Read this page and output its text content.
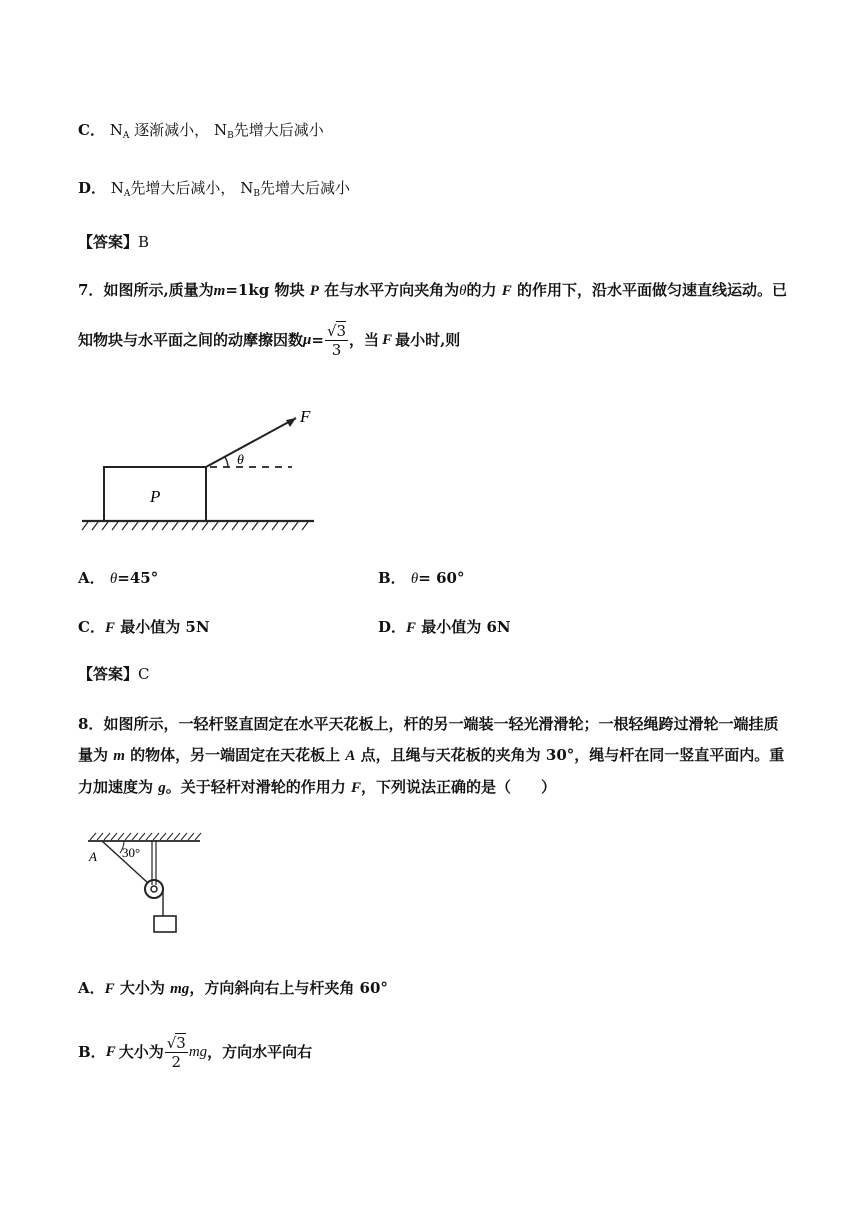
C． $N_A$ 逐渐减小， $N_B$先增大后减小
D． $N_A$先增大后减小， $N_B$先增大后减小
【答案】B
7．如图所示,质量为m=1kg 物块 P 在与水平方向夹角为θ的力 F 的作用下，沿水平面做匀速直线运动。已
知物块与水平面之间的动摩擦因数 $\mu = \frac{√3}{3}$ ，当 F 最小时,则
P
F
θ
A． θ=45°	B． θ= 60°
C．F 最小值为 5N	D．F 最小值为 6N
【答案】C
8．如图所示，一轻杆竖直固定在水平天花板上，杆的另一端装一轻光滑滑轮；一根轻绳跨过滑轮一端挂质
量为 m 的物体，另一端固定在天花板上 A 点，且绳与天花板的夹角为 30°，绳与杆在同一竖直平面内。重
力加速度为 g。关于轻杆对滑轮的作用力 F，下列说法正确的是（　　）
30°
A
A．F 大小为 mg，方向斜向右上与杆夹角 60°
B． F 大小为 $\frac{√3}{2}$ mg ，方向水平向右
